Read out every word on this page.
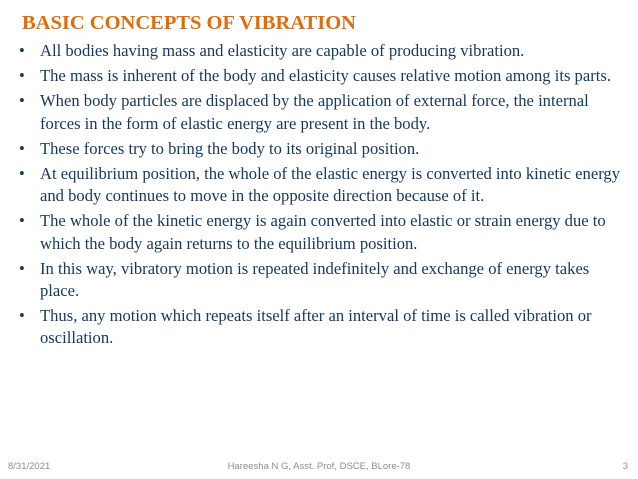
BASIC CONCEPTS OF VIBRATION
• All bodies having mass and elasticity are capable of producing vibration.
• The mass is inherent of the body and elasticity causes relative motion among its parts.
• When body particles are displaced by the application of external force, the internal forces in the form of elastic energy are present in the body.
• These forces try to bring the body to its original position.
• At equilibrium position, the whole of the elastic energy is converted into kinetic energy and body continues to move in the opposite direction because of it.
• The whole of the kinetic energy is again converted into elastic or strain energy due to which the body again returns to the equilibrium position.
• In this way, vibratory motion is repeated indefinitely and exchange of energy takes place.
• Thus, any motion which repeats itself after an interval of time is called vibration or oscillation.
8/31/2021	Hareesha N G, Asst. Prof, DSCE, BLore-78	3
